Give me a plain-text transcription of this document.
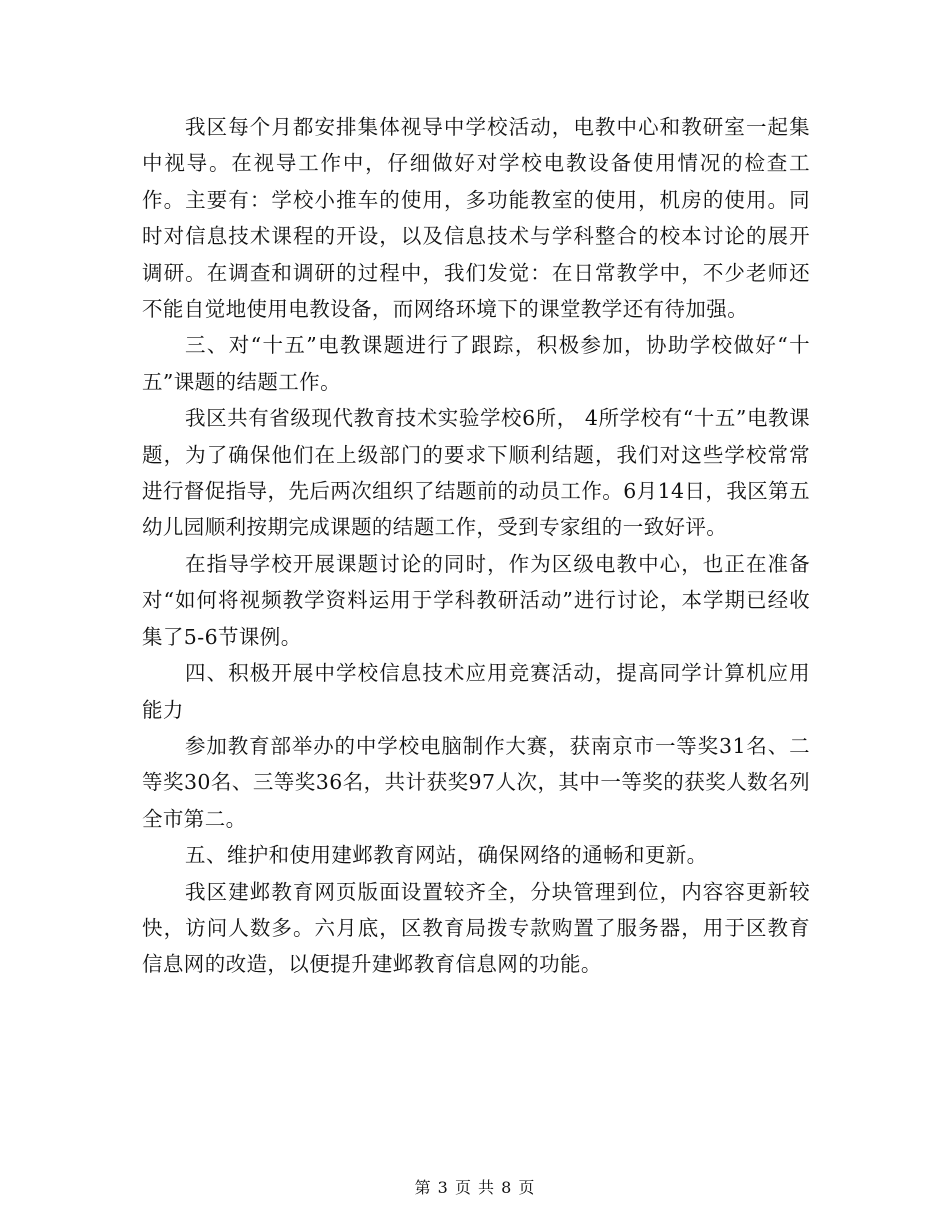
我区每个月都安排集体视导中学校活动，电教中心和教研室一起集中视导。在视导工作中，仔细做好对学校电教设备使用情况的检查工作。主要有：学校小推车的使用，多功能教室的使用，机房的使用。同时对信息技术课程的开设，以及信息技术与学科整合的校本讨论的展开调研。在调查和调研的过程中，我们发觉：在日常教学中，不少老师还不能自觉地使用电教设备，而网络环境下的课堂教学还有待加强。

三、对“十五”电教课题进行了跟踪，积极参加，协助学校做好“十五”课题的结题工作。

我区共有省级现代教育技术实验学校6所， 4所学校有“十五”电教课题，为了确保他们在上级部门的要求下顺利结题，我们对这些学校常常进行督促指导，先后两次组织了结题前的动员工作。6月14日，我区第五幼儿园顺利按期完成课题的结题工作，受到专家组的一致好评。

在指导学校开展课题讨论的同时，作为区级电教中心，也正在准备对“如何将视频教学资料运用于学科教研活动”进行讨论，本学期已经收集了5-6节课例。

四、积极开展中学校信息技术应用竞赛活动，提高同学计算机应用能力

参加教育部举办的中学校电脑制作大赛，获南京市一等奖31名、二等奖30名、三等奖36名，共计获奖97人次，其中一等奖的获奖人数名列全市第二。

五、维护和使用建邺教育网站，确保网络的通畅和更新。

我区建邺教育网页版面设置较齐全，分块管理到位，内容容更新较快，访问人数多。六月底，区教育局拨专款购置了服务器，用于区教育信息网的改造，以便提升建邺教育信息网的功能。

第 3 页 共 8 页
